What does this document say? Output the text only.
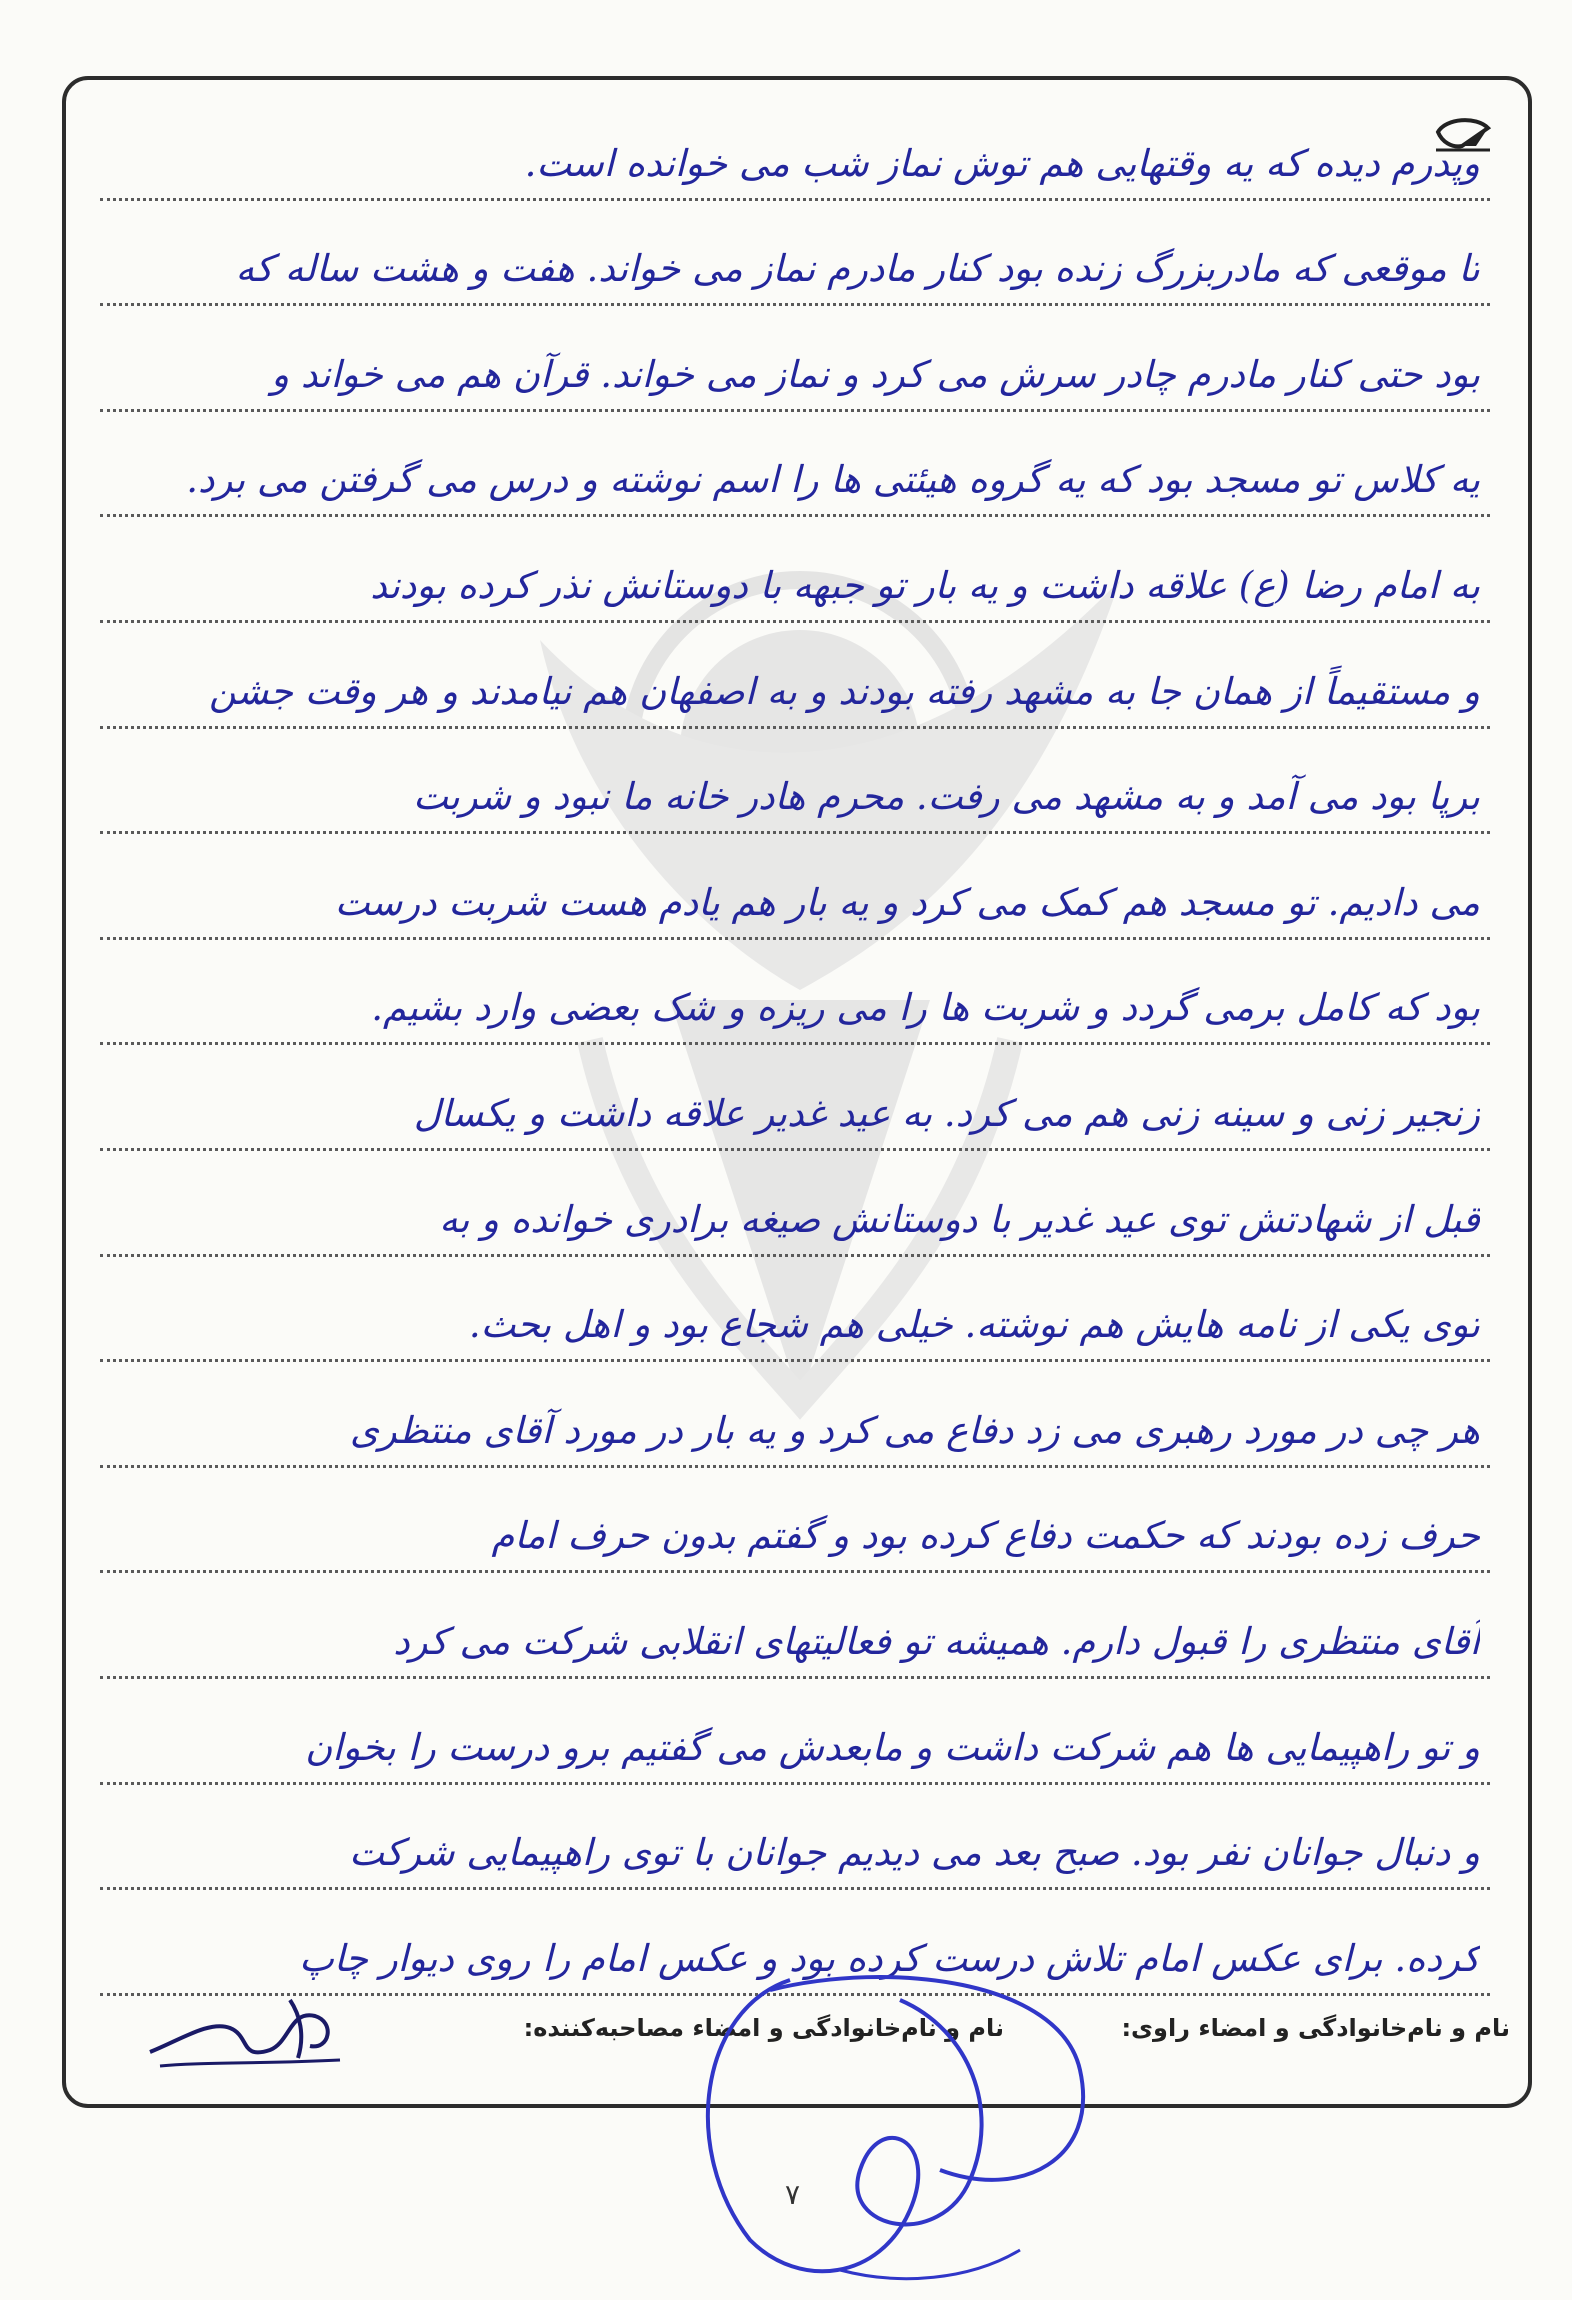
وپدرم دیده که یه وقتهایی هم توش نماز شب می خوانده است.
تا موقعی که مادربزرگ زنده بود کنار مادرم نماز می خواند. هفت و هشت ساله که
بود حتی کنار مادرم چادر سرش می کرد و نماز می خواند. قرآن هم می خواند و
یه کلاس تو مسجد بود که یه گروه هیئتی ها را اسم نوشته و درس می گرفتن می برد.
به امام رضا (ع) علاقه داشت و یه بار تو جبهه با دوستانش نذر کرده بودند
و مستقیماً از همان جا به مشهد رفته بودند و به اصفهان هم نیامدند و هر وقت جشن
برپا بود می آمد و به مشهد می رفت. محرم هادر خانه ما نبود و شربت
می دادیم. تو مسجد هم کمک می کرد و یه بار هم یادم هست شربت درست
بود که کامل برمی گردد و شربت ها را می ریزه و شک بعضی وارد بشیم.
زنجیر زنی و سینه زنی هم می کرد. به عید غدیر علاقه داشت و یکسال
قبل از شهادتش توی عید غدیر با دوستانش صیغه برادری خوانده و به
توی یکی از نامه هایش هم نوشته. خیلی هم شجاع بود و اهل بحث.
هر چی در مورد رهبری می زد دفاع می کرد و یه بار در مورد آقای منتظری
حرف زده بودند که حکمت دفاع کرده بود و گفتم بدون حرف امام
آقای منتظری را قبول دارم. همیشه تو فعالیتهای انقلابی شرکت می کرد
و تو راهپیمایی ها هم شرکت داشت و مابعدش می گفتیم برو درست را بخوان
و دنبال جوانان نفر بود. صبح بعد می دیدیم جوانان با توی راهپیمایی شرکت
کرده. برای عکس امام تلاش درست کرده بود و عکس امام را روی دیوار چاپ
نام و نام‌خانوادگی و امضاء راوی:
نام و نام‌خانوادگی و امضاء مصاحبه‌کننده:
۷
